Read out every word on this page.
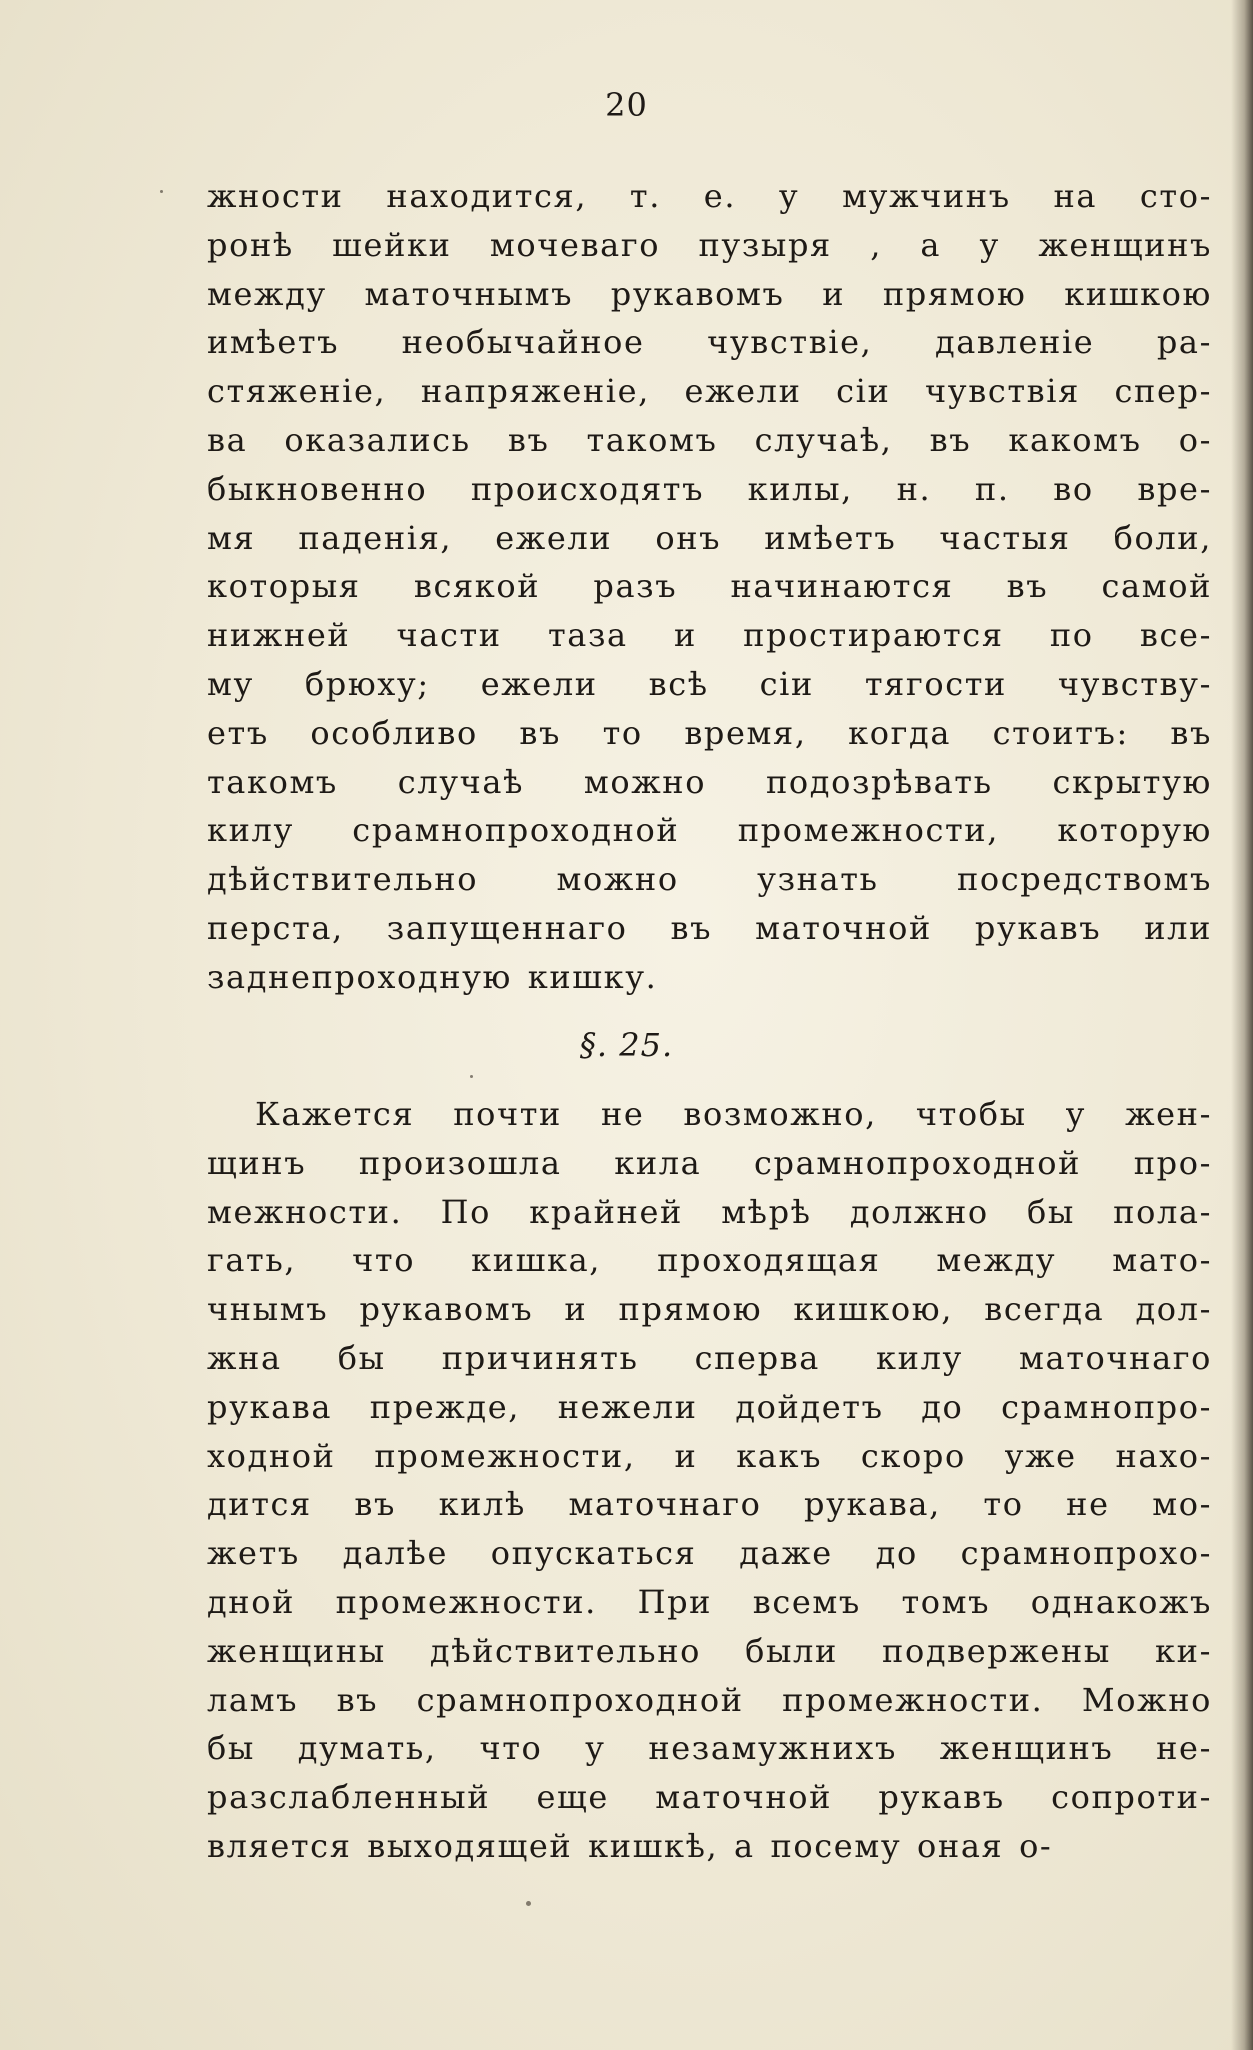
20
жности находится, т. е. у мужчинъ на сто-
ронѣ шейки мочеваго пузыря , а у женщинъ
между маточнымъ рукавомъ и прямою кишкою
имѣетъ необычайное чувствіе, давленіе ра-
стяженіе, напряженіе, ежели сіи чувствія спер-
ва оказались въ такомъ случаѣ, въ какомъ о-
быкновенно происходятъ килы, н. п. во вре-
мя паденія, ежели онъ имѣетъ частыя боли,
которыя всякой разъ начинаются въ самой
нижней части таза и простираются по все-
му брюху; ежели всѣ сіи тягости чувству-
етъ особливо въ то время, когда стоитъ: въ
такомъ случаѣ можно подозрѣвать скрытую
килу срамнопроходной промежности, которую
дѣйствительно можно узнать посредствомъ
перста, запущеннаго въ маточной рукавъ или
заднепроходную кишку.
§. 25.
Кажется почти не возможно, чтобы у жен-
щинъ произошла кила срамнопроходной про-
межности. По крайней мѣрѣ должно бы пола-
гать, что кишка, проходящая между мато-
чнымъ рукавомъ и прямою кишкою, всегда дол-
жна бы причинять сперва килу маточнаго
рукава прежде, нежели дойдетъ до срамнопро-
ходной промежности, и какъ скоро уже нахо-
дится въ килѣ маточнаго рукава, то не мо-
жетъ далѣе опускаться даже до срамнопрохо-
дной промежности. При всемъ томъ однакожъ
женщины дѣйствительно были подвержены ки-
ламъ въ срамнопроходной промежности. Можно
бы думать, что у незамужнихъ женщинъ не-
разслабленный еще маточной рукавъ сопроти-
вляется выходящей кишкѣ, а посему оная о-
